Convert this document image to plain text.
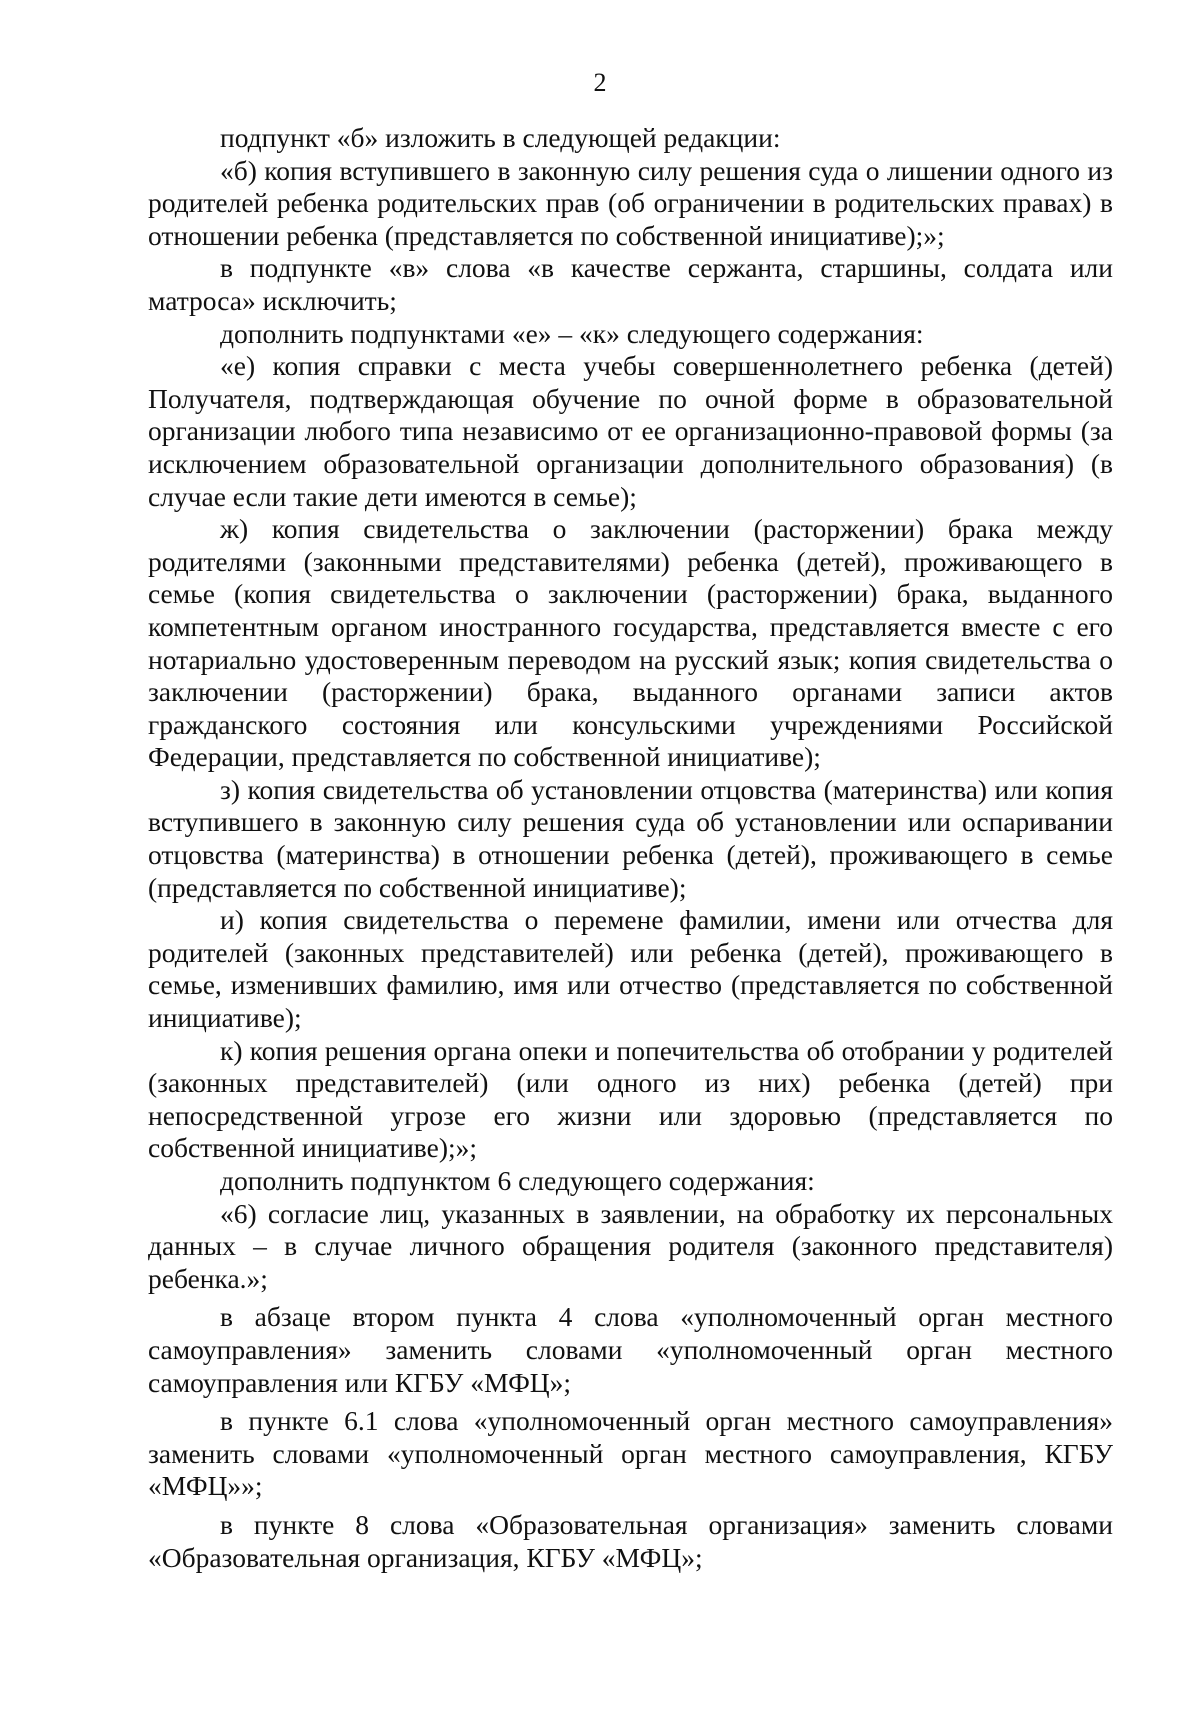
2

подпункт «б» изложить в следующей редакции:

«б) копия вступившего в законную силу решения суда о лишении одного из родителей ребенка родительских прав (об ограничении в родительских правах) в отношении ребенка (представляется по собственной инициативе);»;

в подпункте «в» слова «в качестве сержанта, старшины, солдата или матроса» исключить;

дополнить подпунктами «е» – «к» следующего содержания:

«е) копия справки с места учебы совершеннолетнего ребенка (детей) Получателя, подтверждающая обучение по очной форме в образовательной организации любого типа независимо от ее организационно-правовой формы (за исключением образовательной организации дополнительного образования) (в случае если такие дети имеются в семье);

ж) копия свидетельства о заключении (расторжении) брака между родителями (законными представителями) ребенка (детей), проживающего в семье (копия свидетельства о заключении (расторжении) брака, выданного компетентным органом иностранного государства, представляется вместе с его нотариально удостоверенным переводом на русский язык; копия свидетельства о заключении (расторжении) брака, выданного органами записи актов гражданского состояния или консульскими учреждениями Российской Федерации, представляется по собственной инициативе);

з) копия свидетельства об установлении отцовства (материнства) или копия вступившего в законную силу решения суда об установлении или оспаривании отцовства (материнства) в отношении ребенка (детей), проживающего в семье (представляется по собственной инициативе);

и) копия свидетельства о перемене фамилии, имени или отчества для родителей (законных представителей) или ребенка (детей), проживающего в семье, изменивших фамилию, имя или отчество (представляется по собственной инициативе);

к) копия решения органа опеки и попечительства об отобрании у родителей (законных представителей) (или одного из них) ребенка (детей) при непосредственной угрозе его жизни или здоровью (представляется по собственной инициативе);»;

дополнить подпунктом 6 следующего содержания:

«6) согласие лиц, указанных в заявлении, на обработку их персональных данных – в случае личного обращения родителя (законного представителя) ребенка.»;

в абзаце втором пункта 4 слова «уполномоченный орган местного самоуправления» заменить словами «уполномоченный орган местного самоуправления или КГБУ «МФЦ»;

в пункте 6.1 слова «уполномоченный орган местного самоуправления» заменить словами «уполномоченный орган местного самоуправления, КГБУ «МФЦ»»;

в пункте 8 слова «Образовательная организация» заменить словами «Образовательная организация, КГБУ «МФЦ»;
